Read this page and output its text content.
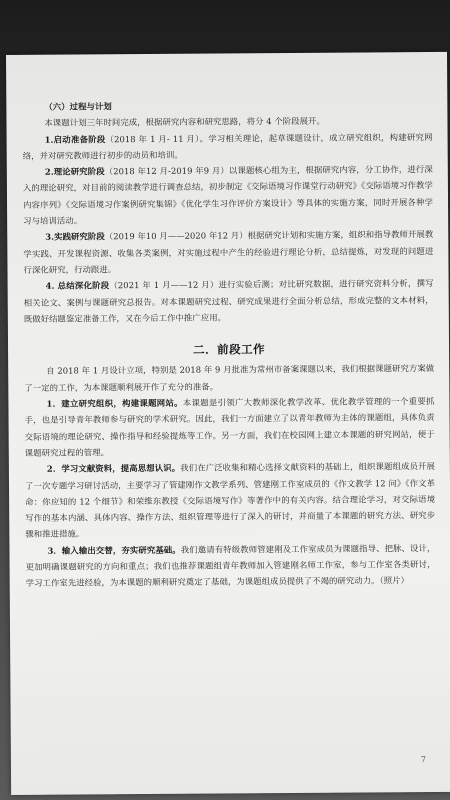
（六）过程与计划

本课题计划三年时间完成，根据研究内容和研究思路，将分 4 个阶段展开。

1.启动准备阶段（2018 年 1 月- 11 月）。学习相关理论，起草课题设计，成立研究组织，构建研究网络，并对研究教师进行初步的动员和培训。

2.理论研究阶段（2018 年12 月-2019 年9 月）以课题核心组为主，根据研究内容，分工协作，进行深入的理论研究，对目前的阅读教学进行调查总结，初步制定《交际语境习作课堂行动研究》《交际语境习作教学内容序列》《交际语境习作案例研究集锦》《优化学生习作评价方案设计》等具体的实施方案，同时开展各种学习与培训活动。

3.实践研究阶段（2019 年10 月——2020 年12 月）根据研究计划和实施方案，组织和指导教师开展教学实践、开发课程资源、收集各类案例，对实施过程中产生的经验进行理论分析，总结提炼，对发现的问题进行深化研究，行动跟进。

4. 总结深化阶段（2021 年 1 月——12 月）进行实验后测；对比研究数据，进行研究资料分析，撰写相关论文、案例与课题研究总报告。对本课题研究过程、研究成果进行全面分析总结，形成完整的文本材料，既做好结题鉴定准备工作，又在今后工作中推广应用。

二．前段工作

自 2018 年 1 月设计立项，特别是 2018 年 9 月批准为常州市备案课题以来，我们根据课题研究方案做了一定的工作，为本课题顺利展开作了充分的准备。

1．建立研究组织，构建课题网站。本课题是引领广大教师深化教学改革、优化教学管理的一个重要抓手，也是引导青年教师参与研究的学术研究。因此，我们一方面建立了以青年教师为主体的课题组，具体负责交际语境的理论研究、操作指导和经验提炼等工作。另一方面，我们在校园网上建立本课题的研究网站，便于课题研究过程的管理。

2．学习文献资料，提高思想认识。我们在广泛收集和精心选择文献资料的基础上，组织课题组成员开展了一次专题学习研讨活动，主要学习了管建刚作文教学系列、管建刚工作室成员的《作文教学 12 问》《作文革命：你应知的 12 个细节》和荣维东教授《交际语境写作》等著作中的有关内容。结合理论学习，对交际语境写作的基本内涵、具体内容、操作方法、组织管理等进行了深入的研讨，并商量了本课题的研究方法、研究步骤和推进措施。

3．输入输出交替，夯实研究基础。我们邀请有特级教师管建刚及工作室成员为课题指导、把脉、设计，更加明确课题研究的方向和重点；我们也推荐课题组青年教师加入管建刚名师工作室，参与工作室各类研讨，学习工作室先进经验，为本课题的顺利研究奠定了基础，为课题组成员提供了不竭的研究动力。（照片）

7
